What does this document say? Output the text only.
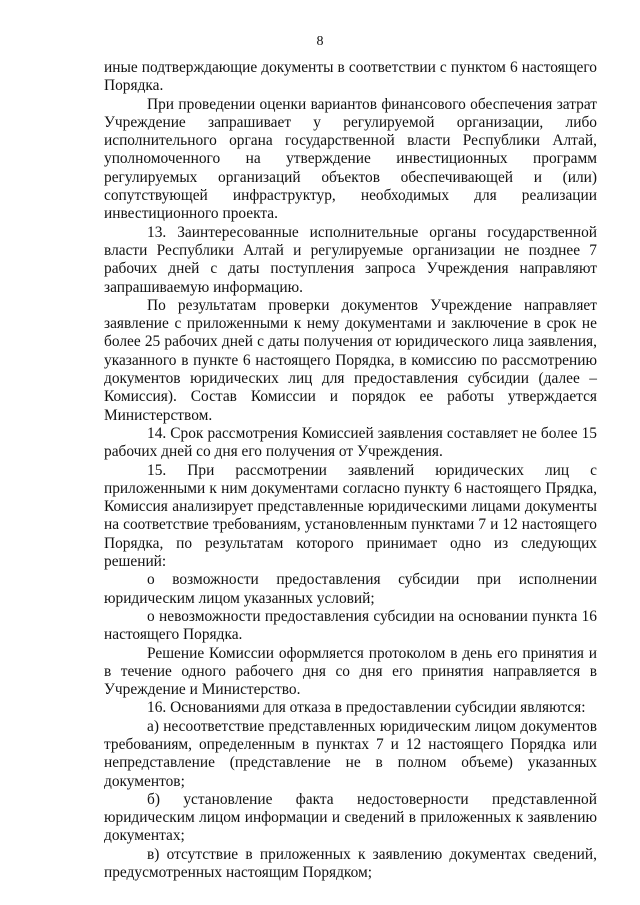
8

иные подтверждающие документы в соответствии с пунктом 6 настоящего Порядка.

При проведении оценки вариантов финансового обеспечения затрат Учреждение запрашивает у регулируемой организации, либо исполнительного органа государственной власти Республики Алтай, уполномоченного на утверждение инвестиционных программ регулируемых организаций объектов обеспечивающей и (или) сопутствующей инфраструктур, необходимых для реализации инвестиционного проекта.

13. Заинтересованные исполнительные органы государственной власти Республики Алтай и регулируемые организации не позднее 7 рабочих дней с даты поступления запроса Учреждения направляют запрашиваемую информацию.

По результатам проверки документов Учреждение направляет заявление с приложенными к нему документами и заключение в срок не более 25 рабочих дней с даты получения от юридического лица заявления, указанного в пункте 6 настоящего Порядка, в комиссию по рассмотрению документов юридических лиц для предоставления субсидии (далее – Комиссия). Состав Комиссии и порядок ее работы утверждается Министерством.

14. Срок рассмотрения Комиссией заявления составляет не более 15 рабочих дней со дня его получения от Учреждения.

15. При рассмотрении заявлений юридических лиц с приложенными к ним документами согласно пункту 6 настоящего Прядка, Комиссия анализирует представленные юридическими лицами документы на соответствие требованиям, установленным пунктами 7 и 12 настоящего Порядка, по результатам которого принимает одно из следующих решений:

о возможности предоставления субсидии при исполнении юридическим лицом указанных условий;

о невозможности предоставления субсидии на основании пункта 16 настоящего Порядка.

Решение Комиссии оформляется протоколом в день его принятия и в течение одного рабочего дня со дня его принятия направляется в Учреждение и Министерство.

16. Основаниями для отказа в предоставлении субсидии являются:

а) несоответствие представленных юридическим лицом документов требованиям, определенным в пунктах 7 и 12 настоящего Порядка или непредставление (представление не в полном объеме) указанных документов;

б) установление факта недостоверности представленной юридическим лицом информации и сведений в приложенных к заявлению документах;

в) отсутствие в приложенных к заявлению документах сведений, предусмотренных настоящим Порядком;
